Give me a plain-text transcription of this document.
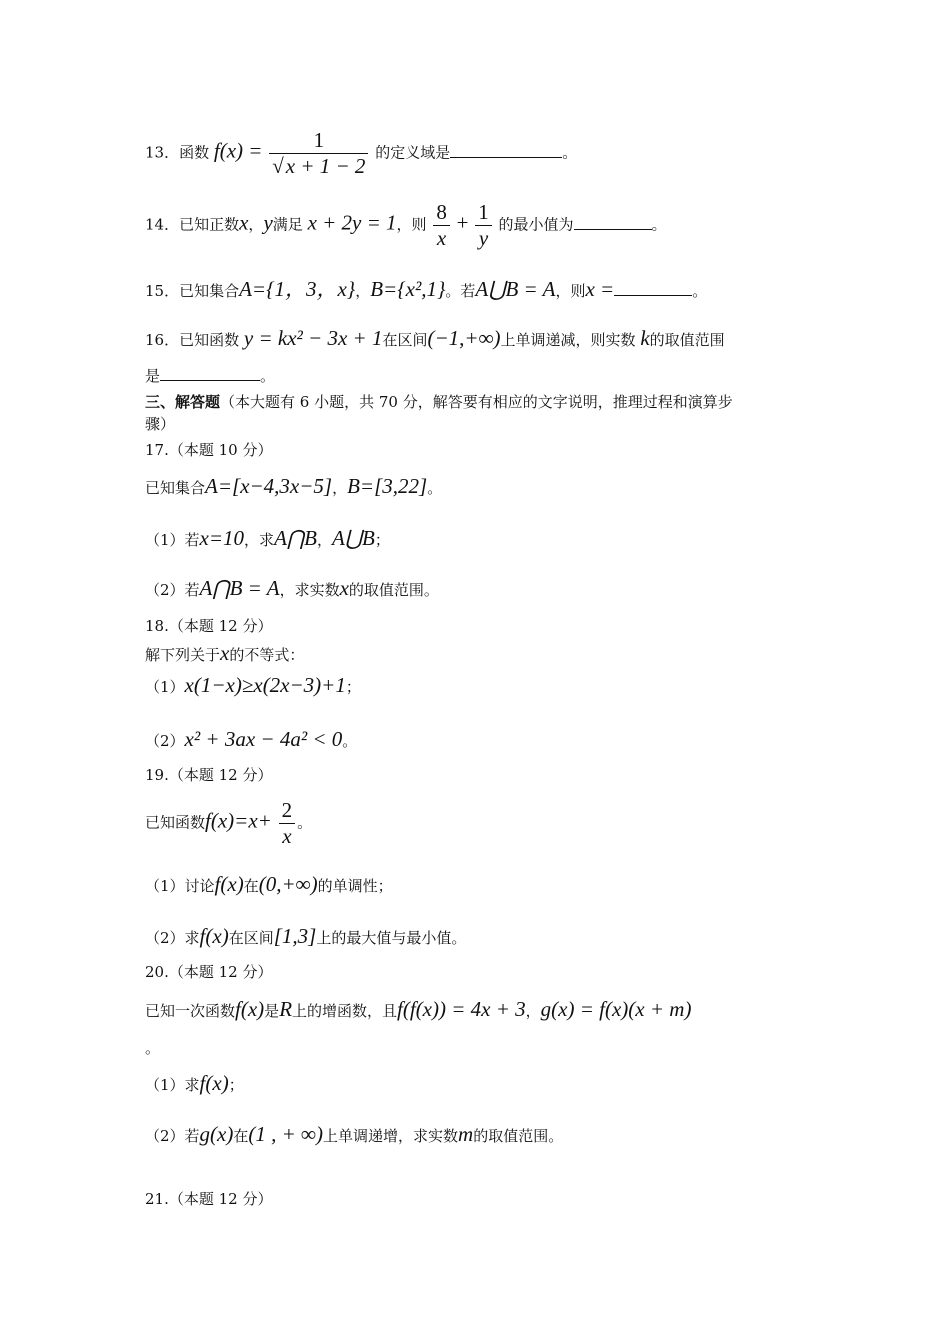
13．函数 $f(x) = \frac{1}{√x + 1 - 2}$ 的定义域是	。
14．已知正数x，y满足 x + 2y = 1，则 $\frac{8}{x} + \frac{1}{y}$ 的最小值为	。
15．已知集合A={1，3，x}，B={x²,1}。若A⋃B = A，则x =	。
16．已知函数 y = kx² − 3x + 1在区间(−1,+∞)上单调递减，则实数 k的取值范围
是	。
三、解答题（本大题有 6 小题，共 70 分，解答要有相应的文字说明，推理过程和演算步
骤）
17.（本题 10 分）
已知集合A=[x−4,3x−5]，B=[3,22]。
（1）若x=10，求A⋂B，A⋃B；
（2）若A⋂B = A，求实数x的取值范围。
18.（本题 12 分）
解下列关于x的不等式：
（1）x(1−x)≥x(2x−3)+1；
（2）x² + 3ax − 4a² < 0。
19.（本题 12 分）
已知函数$f(x)=x+ \frac{2}{x}$ 。
（1）讨论f(x)在(0,+∞)的单调性；
（2）求f(x)在区间[1,3]上的最大值与最小值。
20.（本题 12 分）
已知一次函数f(x)是R上的增函数，且f(f(x)) = 4x + 3，g(x) = f(x)(x + m)
。
（1）求f(x)；
（2）若g(x)在(1 , + ∞)上单调递增，求实数m的取值范围。
21.（本题 12 分）
